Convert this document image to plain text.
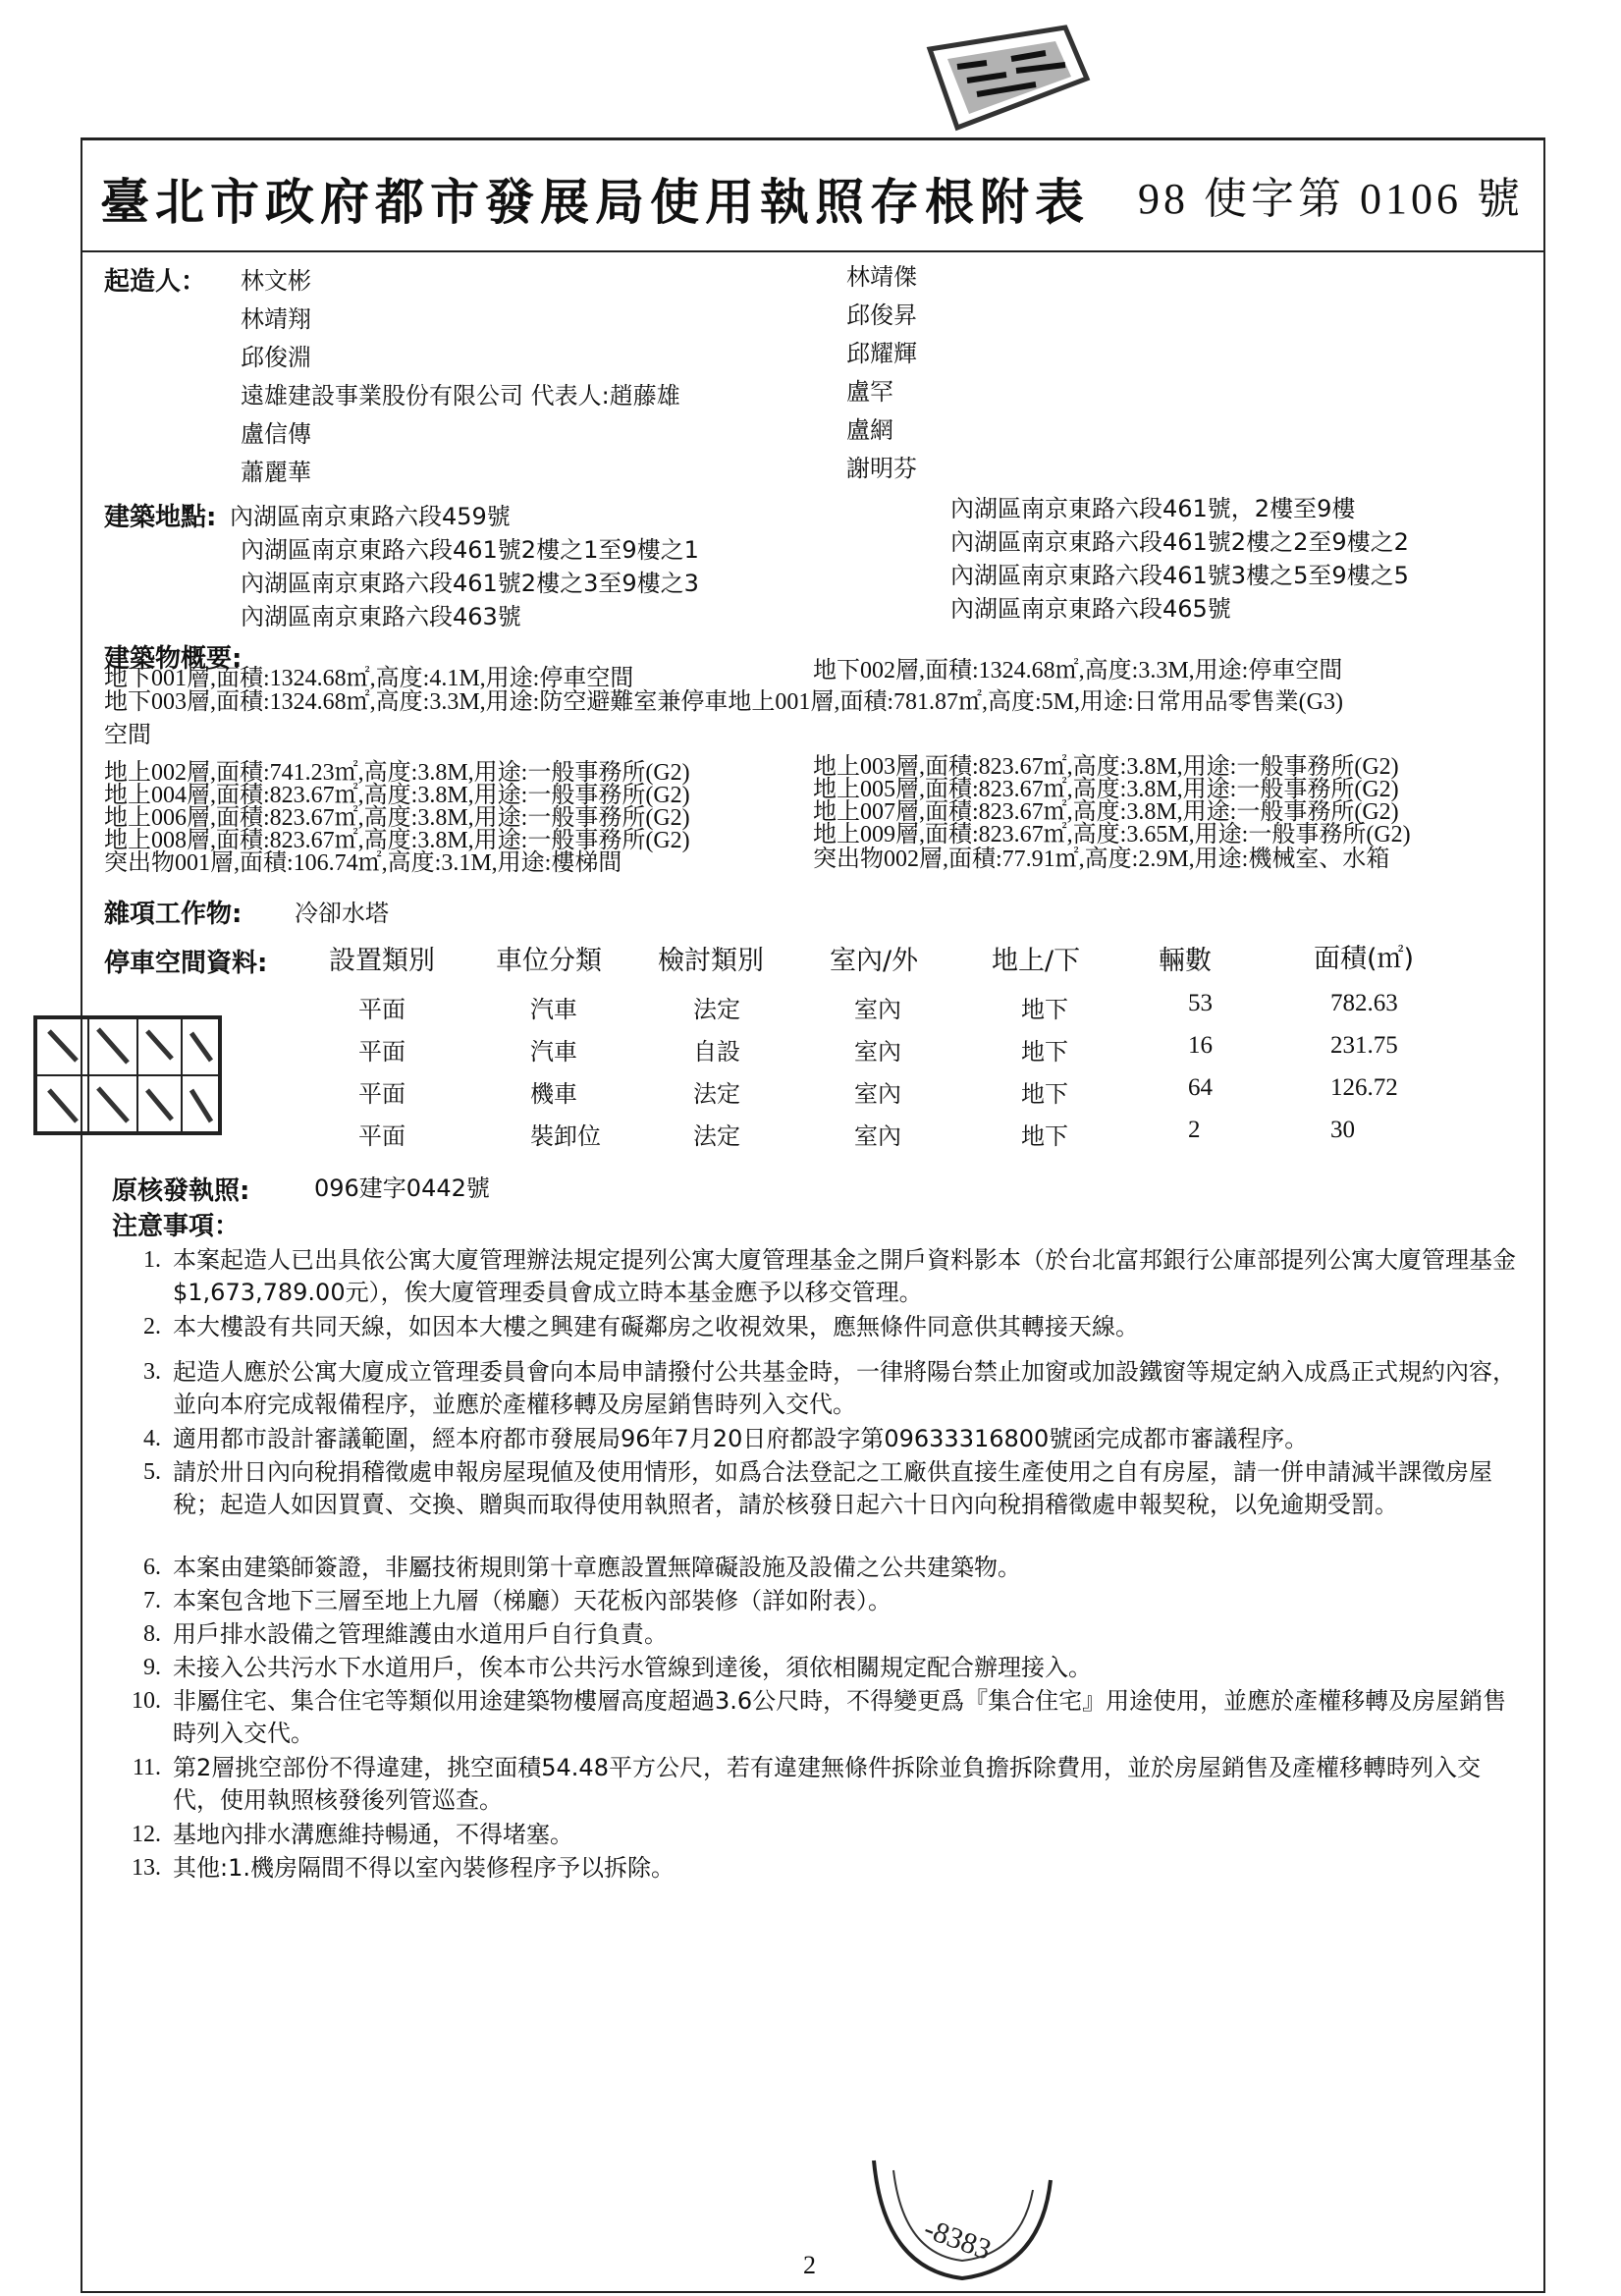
臺北市政府都市發展局使用執照存根附表 98 使字第 0106 號
起造人： 林文彬
林靖翔
邱俊淵
遠雄建設事業股份有限公司 代表人:趙藤雄
盧信傳
蕭麗華
林靖傑
邱俊昇
邱耀輝
盧罕
盧網
謝明芬
建築地點: 內湖區南京東路六段459號
內湖區南京東路六段461號2樓之1至9樓之1
內湖區南京東路六段461號2樓之3至9樓之3
內湖區南京東路六段463號
內湖區南京東路六段461號，2樓至9樓
內湖區南京東路六段461號2樓之2至9樓之2
內湖區南京東路六段461號3樓之5至9樓之5
內湖區南京東路六段465號
建築物概要:
地下001層,面積:1324.68㎡,高度:4.1M,用途:停車空間	地下002層,面積:1324.68㎡,高度:3.3M,用途:停車空間
地下003層,面積:1324.68㎡,高度:3.3M,用途:防空避難室兼停車地上001層,面積:781.87㎡,高度:5M,用途:日常用品零售業(G3)
空間
地上002層,面積:741.23㎡,高度:3.8M,用途:一般事務所(G2)
地上004層,面積:823.67㎡,高度:3.8M,用途:一般事務所(G2)
地上006層,面積:823.67㎡,高度:3.8M,用途:一般事務所(G2)
地上008層,面積:823.67㎡,高度:3.8M,用途:一般事務所(G2)
突出物001層,面積:106.74㎡,高度:3.1M,用途:樓梯間
地上003層,面積:823.67㎡,高度:3.8M,用途:一般事務所(G2)
地上005層,面積:823.67㎡,高度:3.8M,用途:一般事務所(G2)
地上007層,面積:823.67㎡,高度:3.8M,用途:一般事務所(G2)
地上009層,面積:823.67㎡,高度:3.65M,用途:一般事務所(G2)
突出物002層,面積:77.91㎡,高度:2.9M,用途:機械室、水箱
雜項工作物: 冷卻水塔
停車空間資料: 設置類別 車位分類 檢討類別 室內/外	地上/下	輛數	面積(㎡)
平面	汽車	法定	室內	地下	53	782.63
平面	汽車	自設	室內	地下	16	231.75
平面	機車	法定	室內	地下	64	126.72
平面	裝卸位	法定	室內	地下	2	30
原核發執照:	096建字0442號
注意事項：
1. 本案起造人已出具依公寓大廈管理辦法規定提列公寓大廈管理基金之開戶資料影本（於台北富邦銀行公庫部提列公寓大廈管理基金$1,673,789.00元），俟大廈管理委員會成立時本基金應予以移交管理。
2. 本大樓設有共同天線，如因本大樓之興建有礙鄰房之收視效果，應無條件同意供其轉接天線。
3. 起造人應於公寓大廈成立管理委員會向本局申請撥付公共基金時，一律將陽台禁止加窗或加設鐵窗等規定納入成爲正式規約內容，並向本府完成報備程序，並應於產權移轉及房屋銷售時列入交代。
4. 適用都市設計審議範圍，經本府都市發展局96年7月20日府都設字第09633316800號函完成都市審議程序。
5. 請於卅日內向稅捐稽徵處申報房屋現値及使用情形，如爲合法登記之工廠供直接生產使用之自有房屋，請一併申請減半課徵房屋稅；起造人如因買賣、交換、贈與而取得使用執照者，請於核發日起六十日內向稅捐稽徵處申報契稅，以免逾期受罰。
6. 本案由建築師簽證，非屬技術規則第十章應設置無障礙設施及設備之公共建築物。
7. 本案包含地下三層至地上九層（梯廳）天花板內部裝修（詳如附表）。
8. 用戶排水設備之管理維護由水道用戶自行負責。
9. 未接入公共污水下水道用戶，俟本市公共污水管線到達後，須依相關規定配合辦理接入。
10. 非屬住宅、集合住宅等類似用途建築物樓層高度超過3.6公尺時，不得變更爲『集合住宅』用途使用，並應於產權移轉及房屋銷售時列入交代。
11. 第2層挑空部份不得違建，挑空面積54.48平方公尺，若有違建無條件拆除並負擔拆除費用，並於房屋銷售及產權移轉時列入交代，使用執照核發後列管巡查。
12. 基地內排水溝應維持暢通，不得堵塞。
13. 其他:1.機房隔間不得以室內裝修程序予以拆除。
-8383
2
